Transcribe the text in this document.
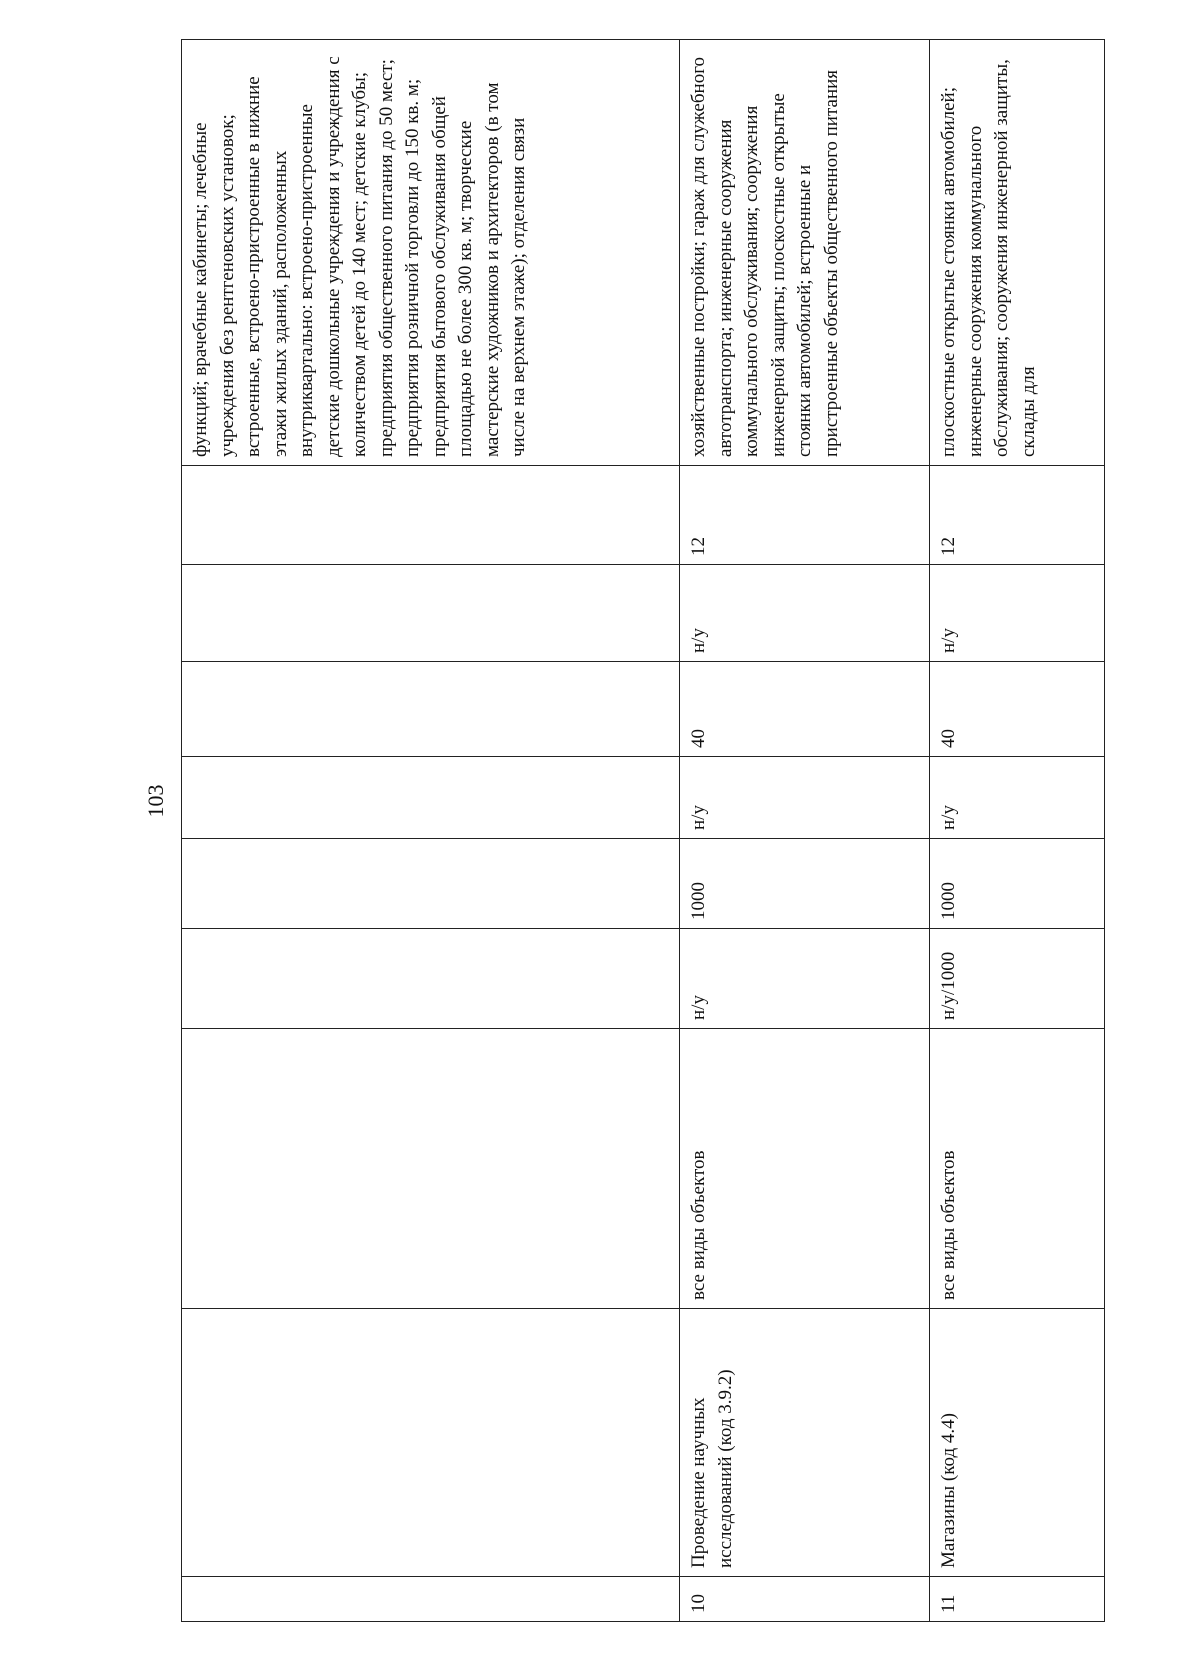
103
									функций; врачебные кабинеты; лечебные учреждения без рентгеновских установок; встроенные, встроено-пристроенные в нижние этажи жилых зданий, расположенных внутриквартально: встроено-пристроенные детские дошкольные учреждения и учреждения с количеством детей до 140 мест; детские клубы; предприятия общественного питания до 50 мест; предприятия розничной торговли до 150 кв. м; предприятия бытового обслуживания общей площадью не более 300 кв. м; творческие мастерские художников и архитекторов (в том числе на верхнем этаже); отделения связи
10	Проведение научных исследований (код 3.9.2)	все виды объектов	н/у	1000	н/у	40	н/у	12	хозяйственные постройки; гараж для служебного автотранспорта; инженерные сооружения коммунального обслуживания; сооружения инженерной защиты; плоскостные открытые стоянки автомобилей; встроенные и пристроенные объекты общественного питания
11	Магазины (код 4.4)	все виды объектов	н/у/1000	1000	н/у	40	н/у	12	плоскостные открытые стоянки автомобилей; инженерные сооружения коммунального обслуживания; сооружения инженерной защиты, склады для
